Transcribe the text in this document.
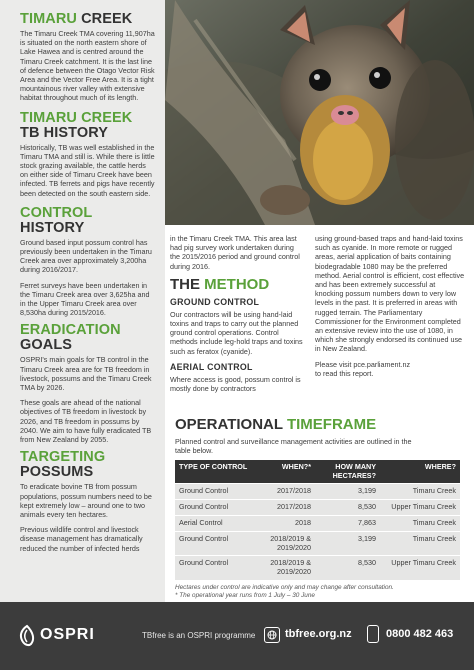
TIMARU CREEK

The Timaru Creek TMA covering 11,907ha is situated on the north eastern shore of Lake Hawea and is centred around the Timaru Creek catchment. It is the last line of defence between the Otago Vector Risk Area and the Vector Free Area. It is a tight mountainous river valley with extensive habitat throughout much of its length.

TIMARU CREEK
TB HISTORY

Historically, TB was well established in the Timaru TMA and still is. While there is little stock grazing available, the cattle herds on either side of Timaru Creek have been infected. TB ferrets and pigs have recently been detected on the south eastern side.

CONTROL HISTORY

Ground based input possum control has previously been undertaken in the Timaru Creek area over approximately 3,200ha during 2016/2017.

Ferret surveys have been undertaken in the Timaru Creek area over 3,625ha and in the Upper Timaru Creek area over 8,530ha during 2015/2016.

ERADICATION
GOALS

OSPRI's main goals for TB control in the Timaru Creek area are for TB freedom in livestock, possums and the Timaru Creek TMA by 2026.

These goals are ahead of the national objectives of TB freedom in livestock by 2026, and TB freedom in possums by 2040. We aim to have fully eradicated TB from New Zealand by 2055.

TARGETING
POSSUMS

To eradicate bovine TB from possum populations, possum numbers need to be kept extremely low – around one to two animals every ten hectares.

Previous wildlife control and livestock disease management has dramatically reduced the number of infected herds

in the Timaru Creek TMA. This area last had pig survey work undertaken during the 2015/2016 period and ground control during 2016.

THE METHOD
GROUND CONTROL

Our contractors will be using hand-laid toxins and traps to carry out the planned ground control operations. Control methods include leg-hold traps and toxins such as feratox (cyanide).

AERIAL CONTROL

Where access is good, possum control is mostly done by contractors

using ground-based traps and hand-laid toxins such as cyanide. In more remote or rugged areas, aerial application of baits containing biodegradable 1080 may be the preferred method. Aerial control is efficient, cost effective and has been extremely successful at knocking possum numbers down to very low levels in the past. It is preferred in areas with rugged terrain. The Parliamentary Commissioner for the Environment completed an extensive review into the use of 1080, in which she strongly endorsed its continued use in New Zealand.

Please visit pce.parliament.nz
to read this report.

OPERATIONAL TIMEFRAME

Planned control and surveillance management activities are outlined in the table below.

TYPE OF CONTROL	WHEN?*	HOW MANY HECTARES?	WHERE?
Ground Control	2017/2018	3,199	Timaru Creek
Ground Control	2017/2018	8,530	Upper Timaru Creek
Aerial Control	2018	7,863	Timaru Creek
Ground Control	2018/2019 & 2019/2020	3,199	Timaru Creek
Ground Control	2018/2019 & 2019/2020	8,530	Upper Timaru Creek
Hectares under control are indicative only and may change after consultation.
* The operational year runs from 1 July – 30 June
OSPRI	TBfree is an OSPRI programme	tbfree.org.nz	0800 482 463
